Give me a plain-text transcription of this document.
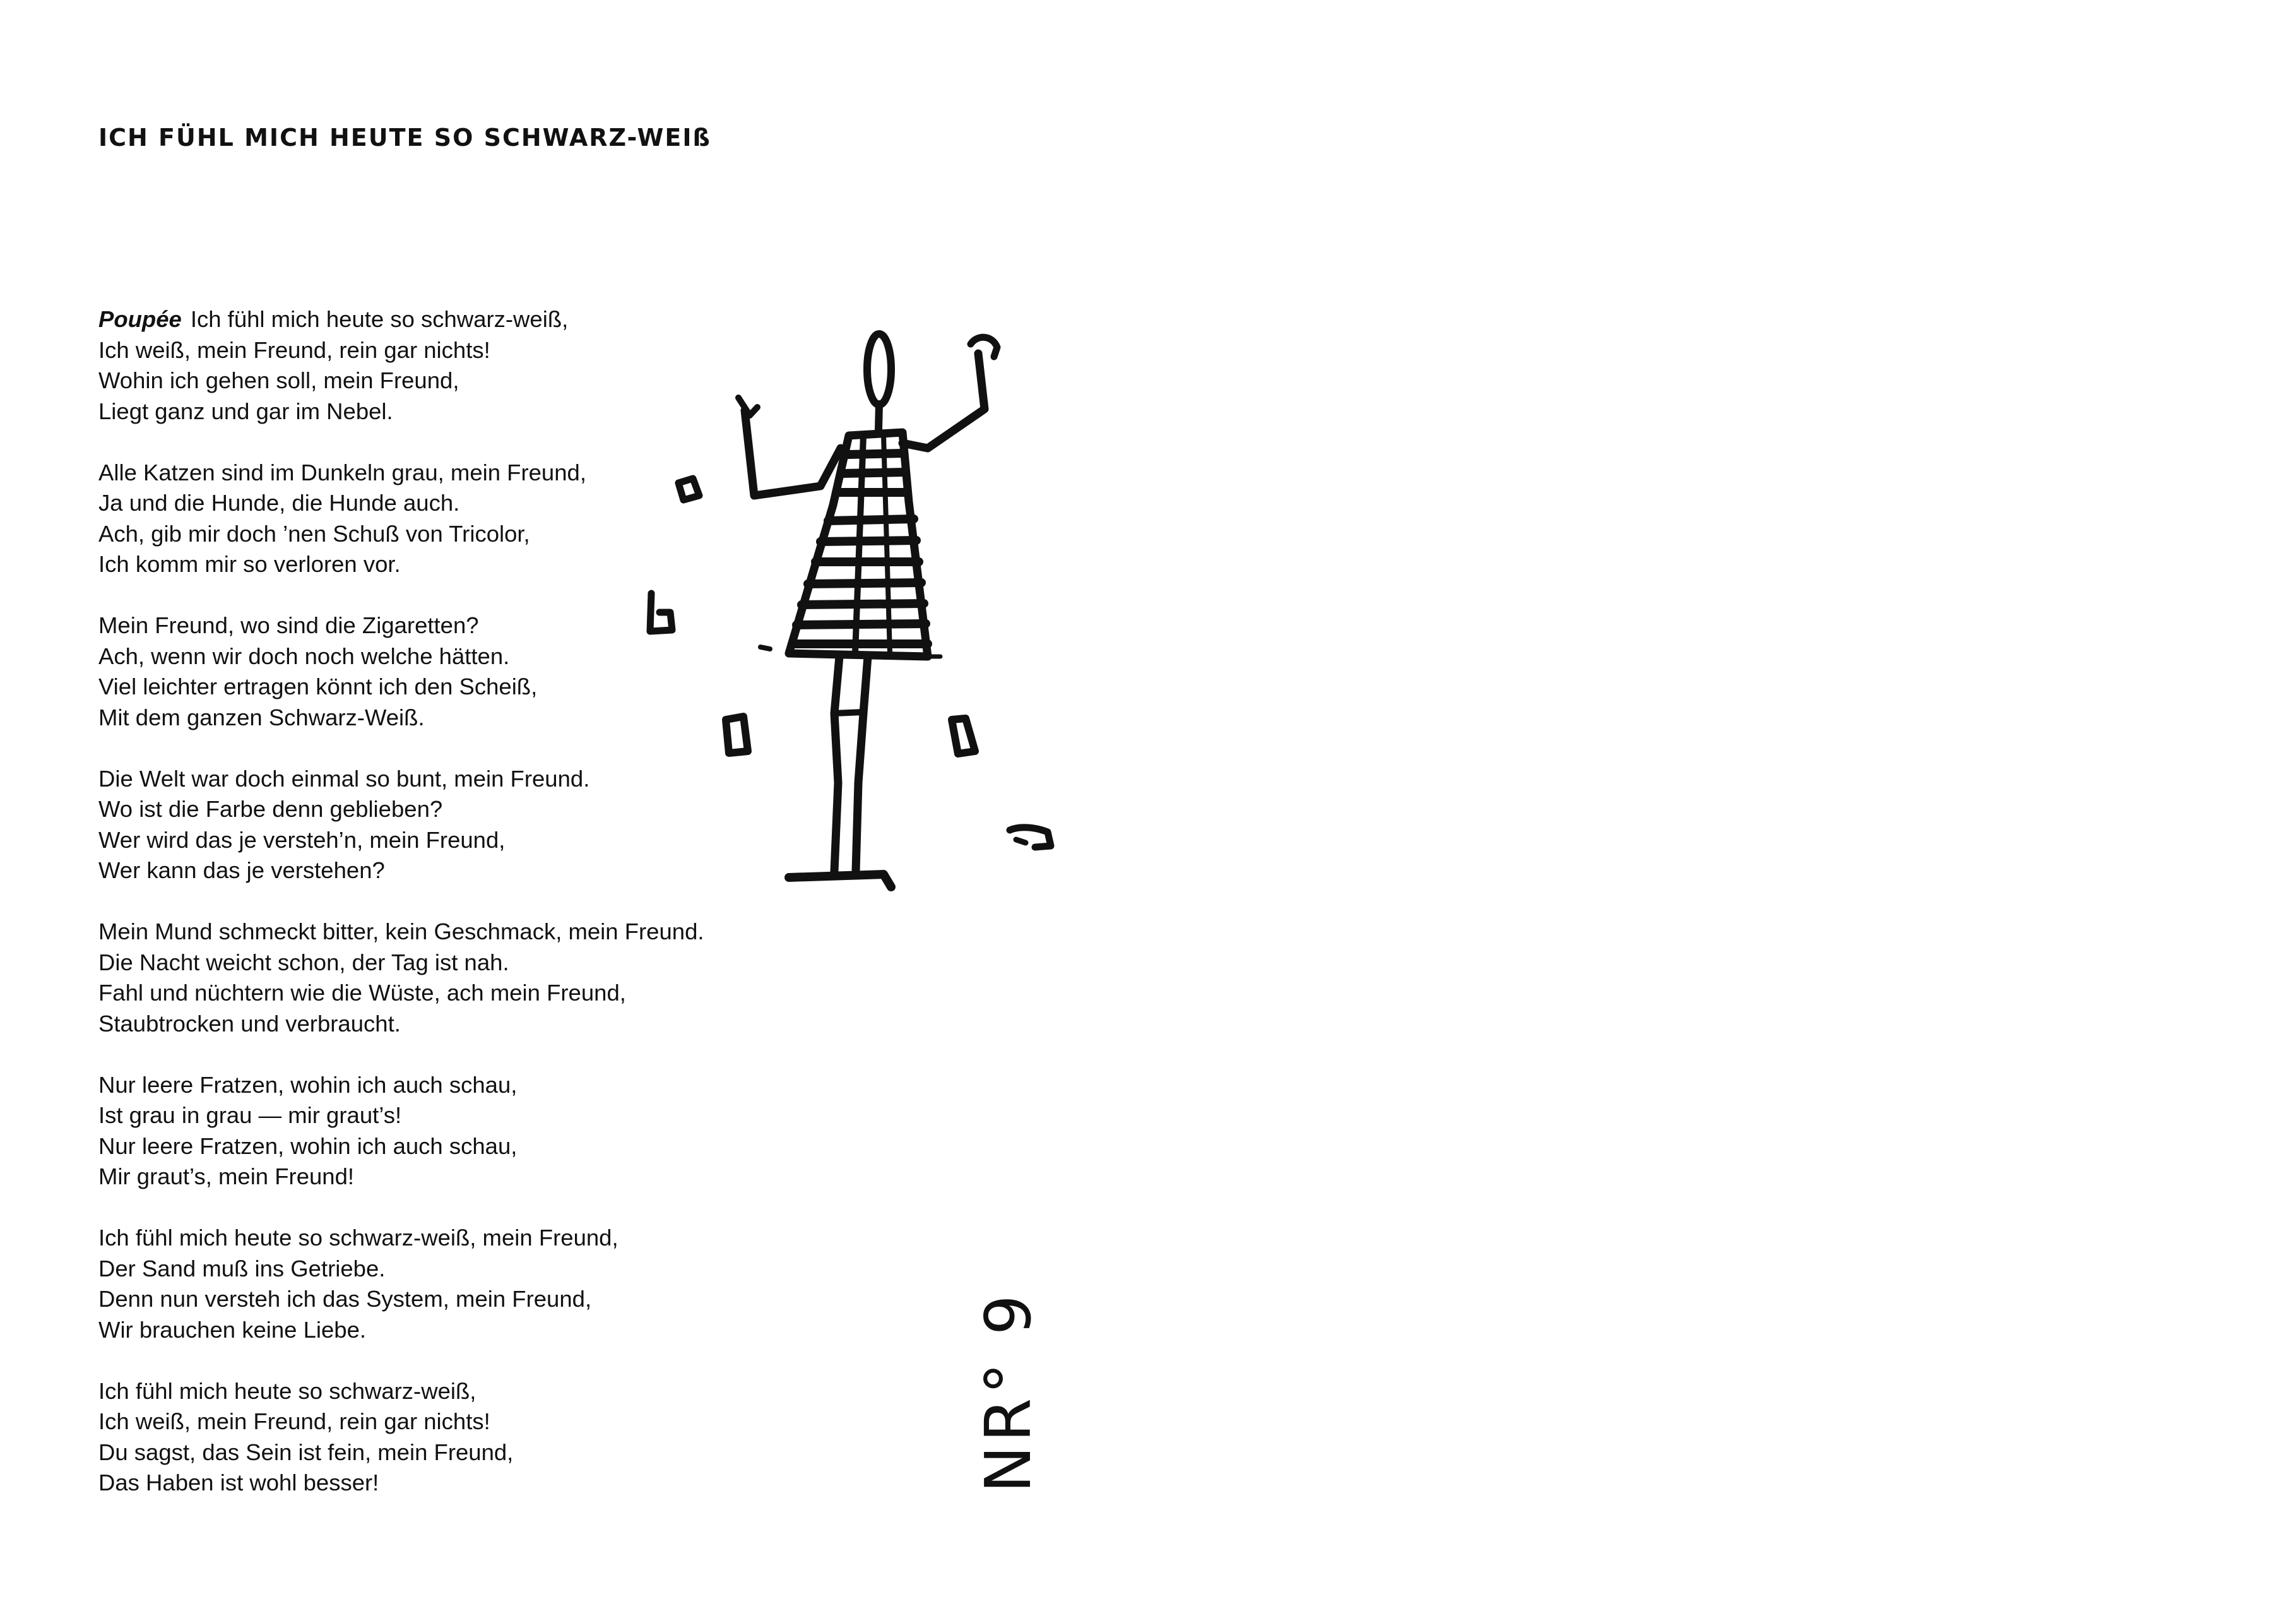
ICH FÜHL MICH HEUTE SO SCHWARZ-WEIß
Poupée Ich fühl mich heute so schwarz-weiß,
Ich weiß, mein Freund, rein gar nichts!
Wohin ich gehen soll, mein Freund,
Liegt ganz und gar im Nebel.
Alle Katzen sind im Dunkeln grau, mein Freund,
Ja und die Hunde, die Hunde auch.
Ach, gib mir doch ’nen Schuß von Tricolor,
Ich komm mir so verloren vor.
Mein Freund, wo sind die Zigaretten?
Ach, wenn wir doch noch welche hätten.
Viel leichter ertragen könnt ich den Scheiß,
Mit dem ganzen Schwarz-Weiß.
Die Welt war doch einmal so bunt, mein Freund.
Wo ist die Farbe denn geblieben?
Wer wird das je versteh’n, mein Freund,
Wer kann das je verstehen?
Mein Mund schmeckt bitter, kein Geschmack, mein Freund.
Die Nacht weicht schon, der Tag ist nah.
Fahl und nüchtern wie die Wüste, ach mein Freund,
Staubtrocken und verbraucht.
Nur leere Fratzen, wohin ich auch schau,
Ist grau in grau — mir graut’s!
Nur leere Fratzen, wohin ich auch schau,
Mir graut’s, mein Freund!
Ich fühl mich heute so schwarz-weiß, mein Freund,
Der Sand muß ins Getriebe.
Denn nun versteh ich das System, mein Freund,
Wir brauchen keine Liebe.
Ich fühl mich heute so schwarz-weiß,
Ich weiß, mein Freund, rein gar nichts!
Du sagst, das Sein ist fein, mein Freund,
Das Haben ist wohl besser!	NR° 9
